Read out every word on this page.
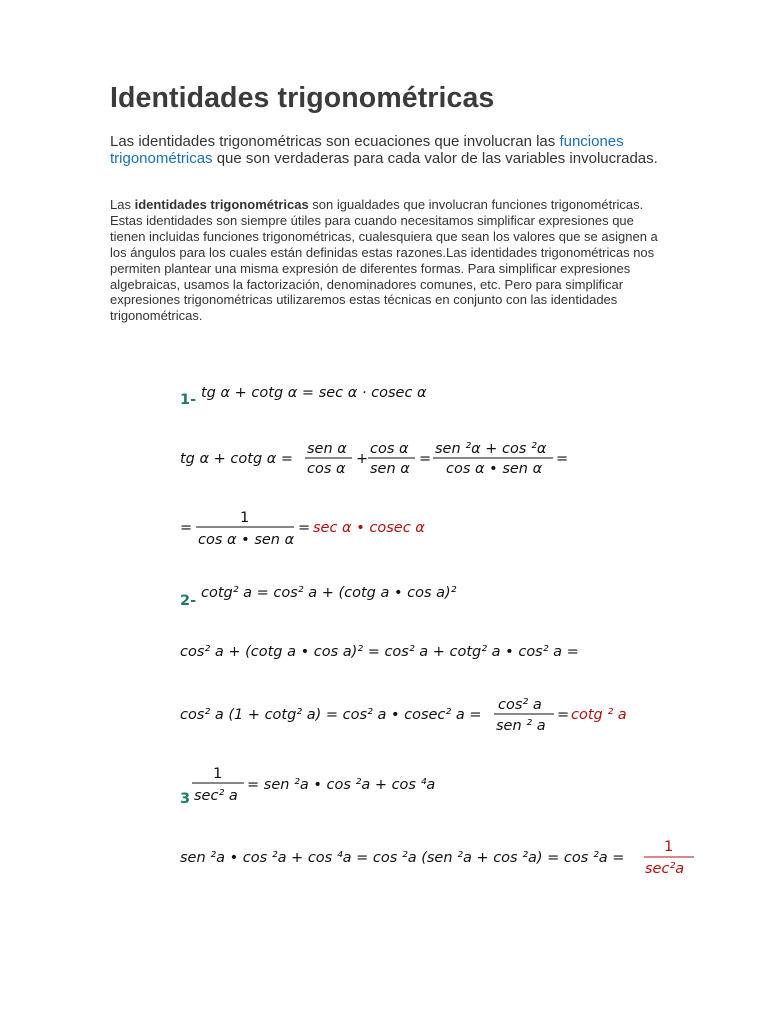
Identidades trigonométricas

Las identidades trigonométricas son ecuaciones que involucran las funciones trigonométricas que son verdaderas para cada valor de las variables involucradas.

Las identidades trigonométricas son igualdades que involucran funciones trigonométricas. Estas identidades son siempre útiles para cuando necesitamos simplificar expresiones que tienen incluidas funciones trigonométricas, cualesquiera que sean los valores que se asignen a los ángulos para los cuales están definidas estas razones.Las identidades trigonométricas nos permiten plantear una misma expresión de diferentes formas. Para simplificar expresiones algebraicas, usamos la factorización, denominadores comunes, etc. Pero para simplificar expresiones trigonométricas utilizaremos estas técnicas en conjunto con las identidades trigonométricas.

1- tg α + cotg α = sec α · cosec α
tg α + cotg α =
sen α
cos α
+
cos α
sen α
=
sen ²α + cos ²α
cos α • sen α
=
=
1
cos α • sen α
= sec α • cosec α
2- cotg² a = cos² a + (cotg a • cos a)²
cos² a + (cotg a • cos a)² = cos² a + cotg² a • cos² a =
cos² a (1 + cotg² a) = cos² a • cosec² a =
cos² a
sen ² a
= cotg ² a
3
1
sec² a
= sen ²a • cos ²a + cos ⁴a
sen ²a • cos ²a + cos ⁴a = cos ²a (sen ²a + cos ²a) = cos ²a =
1
sec²a
